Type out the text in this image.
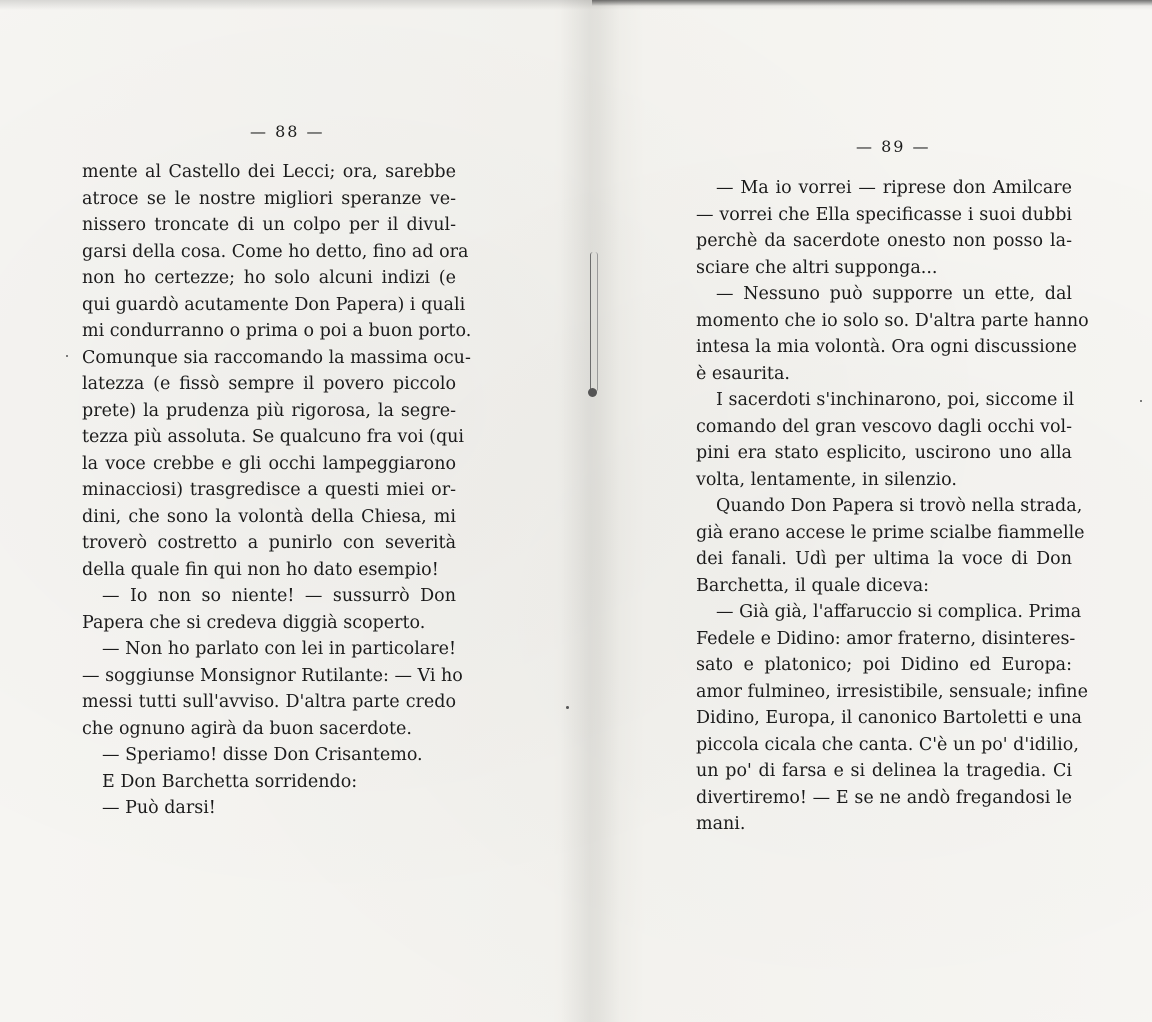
— 88 —
mente al Castello dei Lecci; ora, sarebbe
atroce se le nostre migliori speranze ve-
nissero troncate di un colpo per il divul-
garsi della cosa. Come ho detto, fino ad ora
non ho certezze; ho solo alcuni indizi (e
qui guardò acutamente Don Papera) i quali
mi condurranno o prima o poi a buon porto.
Comunque sia raccomando la massima ocu-
latezza (e fissò sempre il povero piccolo
prete) la prudenza più rigorosa, la segre-
tezza più assoluta. Se qualcuno fra voi (qui
la voce crebbe e gli occhi lampeggiarono
minacciosi) trasgredisce a questi miei or-
dini, che sono la volontà della Chiesa, mi
troverò costretto a punirlo con severità
della quale fin qui non ho dato esempio!
— Io non so niente! — sussurrò Don
Papera che si credeva diggià scoperto.
— Non ho parlato con lei in particolare!
— soggiunse Monsignor Rutilante: — Vi ho
messi tutti sull'avviso. D'altra parte credo
che ognuno agirà da buon sacerdote.
— Speriamo! disse Don Crisantemo.
E Don Barchetta sorridendo:
— Può darsi!
— 89 —
— Ma io vorrei — riprese don Amilcare
— vorrei che Ella specificasse i suoi dubbi
perchè da sacerdote onesto non posso la-
sciare che altri supponga...
— Nessuno può supporre un ette, dal
momento che io solo so. D'altra parte hanno
intesa la mia volontà. Ora ogni discussione
è esaurita.
I sacerdoti s'inchinarono, poi, siccome il
comando del gran vescovo dagli occhi vol-
pini era stato esplicito, uscirono uno alla
volta, lentamente, in silenzio.
Quando Don Papera si trovò nella strada,
già erano accese le prime scialbe fiammelle
dei fanali. Udì per ultima la voce di Don
Barchetta, il quale diceva:
— Già già, l'affaruccio si complica. Prima
Fedele e Didino: amor fraterno, disinteres-
sato e platonico; poi Didino ed Europa:
amor fulmineo, irresistibile, sensuale; infine
Didino, Europa, il canonico Bartoletti e una
piccola cicala che canta. C'è un po' d'idilio,
un po' di farsa e si delinea la tragedia. Ci
divertiremo! — E se ne andò fregandosi le
mani.
